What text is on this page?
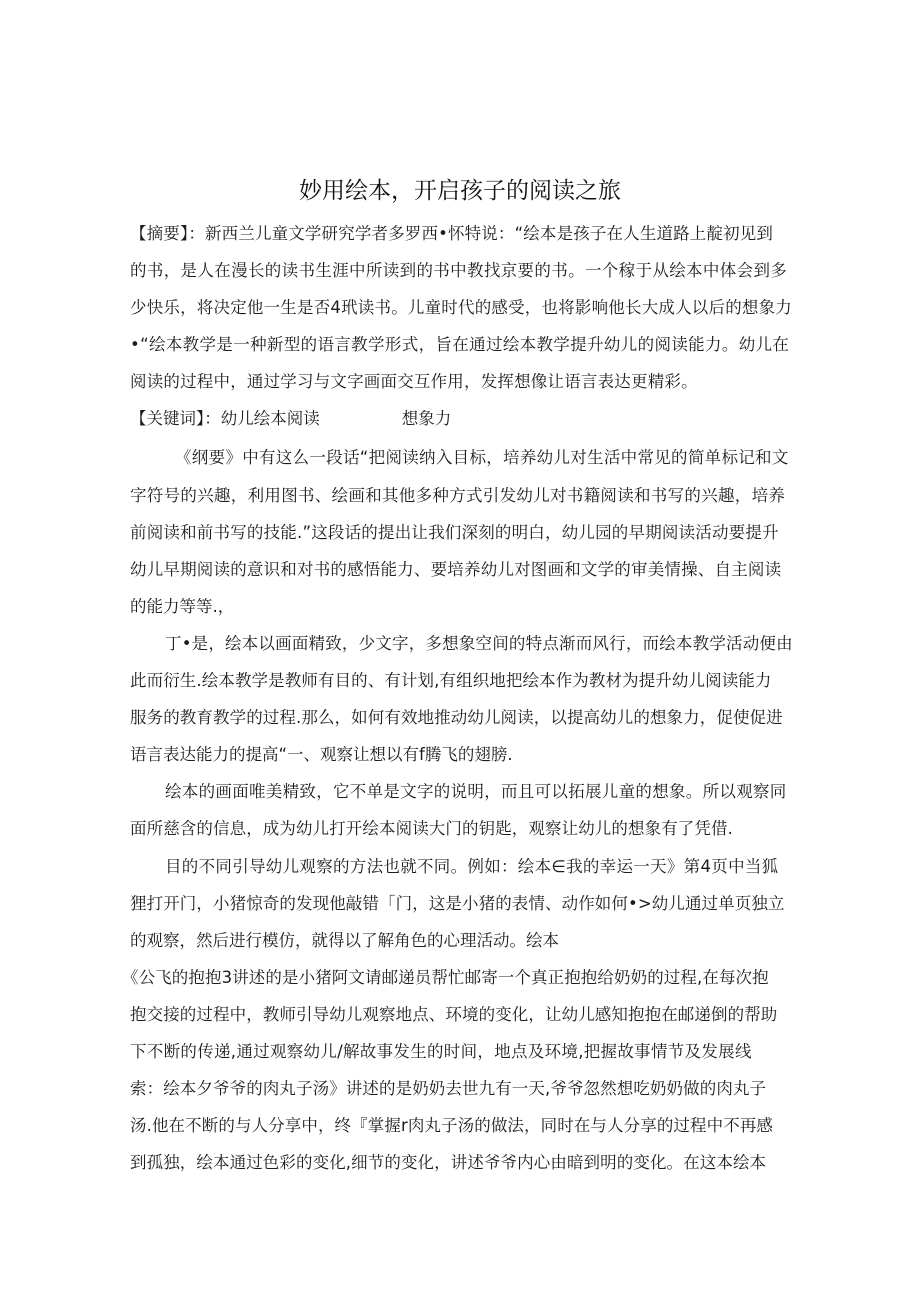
妙用绘本，开启孩子的阅读之旅
【摘要】：新西兰儿童文学研究学者多罗西•怀特说：“绘本是孩子在人生道路上靛初见到
的书，是人在漫长的读书生涯中所读到的书中教找京要的书。一个稼于从绘本中体会到多
少快乐，将决定他一生是否4玳读书。儿童时代的感受，也将影响他长大成人以后的想象力
•“绘本教学是一种新型的语言教学形式，旨在通过绘本教学提升幼儿的阅读能力。幼儿在
阅读的过程中，通过学习与文字画面交互作用，发挥想像让语言表达更精彩。
【关键词】：幼儿绘本阅读	想象力
《纲要》中有这么一段话“把阅读纳入目标，培养幼儿对生活中常见的简单标记和文
字符号的兴趣，利用图书、绘画和其他多种方式引发幼儿对书籍阅读和书写的兴趣，培养
前阅读和前书写的技能.”这段话的提出让我们深刻的明白，幼儿园的早期阅读活动要提升
幼儿早期阅读的意识和对书的感悟能力、要培养幼儿对图画和文学的审美情操、自主阅读
的能力等等.，
丁•是，绘本以画面精致，少文字，多想象空间的特点渐而风行，而绘本教学活动便由
此而衍生.绘本教学是教师有目的、有计划,有组织地把绘本作为教材为提升幼儿阅读能力
服务的教育教学的过程.那么，如何有效地推动幼儿阅读，以提高幼儿的想象力，促使促进
语言表达能力的提高“一、观察让想以有f腾飞的翅膀.
绘本的画面唯美精致，它不单是文字的说明，而且可以拓展儿童的想象。所以观察同
面所慈含的信息，成为幼儿打开绘本阅读大门的钥匙，观察让幼儿的想象有了凭借.
目的不同引导幼儿观察的方法也就不同。例如：绘本∈我的幸运一天》第4页中当狐
狸打开门，小猪惊奇的发现他敲错「门，这是小猪的表情、动作如何•>幼儿通过单页独立
的观察，然后进行模仿，就得以了解角色的心理活动。绘本
《公飞的抱抱3讲述的是小猪阿文请邮递员帮忙邮寄一个真正抱抱给奶奶的过程,在每次抱
抱交接的过程中，教师引导幼儿观察地点、环境的变化，让幼儿感知抱抱在邮递倒的帮助
下不断的传递,通过观察幼儿/解故事发生的时间，地点及环境,把握故事情节及发展线
索：绘本夕爷爷的肉丸子汤》讲述的是奶奶去世九有一天,爷爷忽然想吃奶奶做的肉丸子
汤.他在不断的与人分享中，终『掌握r肉丸子汤的做法，同时在与人分享的过程中不再感
到孤独，绘本通过色彩的变化,细节的变化，讲述爷爷内心由暗到明的变化。在这本绘本
